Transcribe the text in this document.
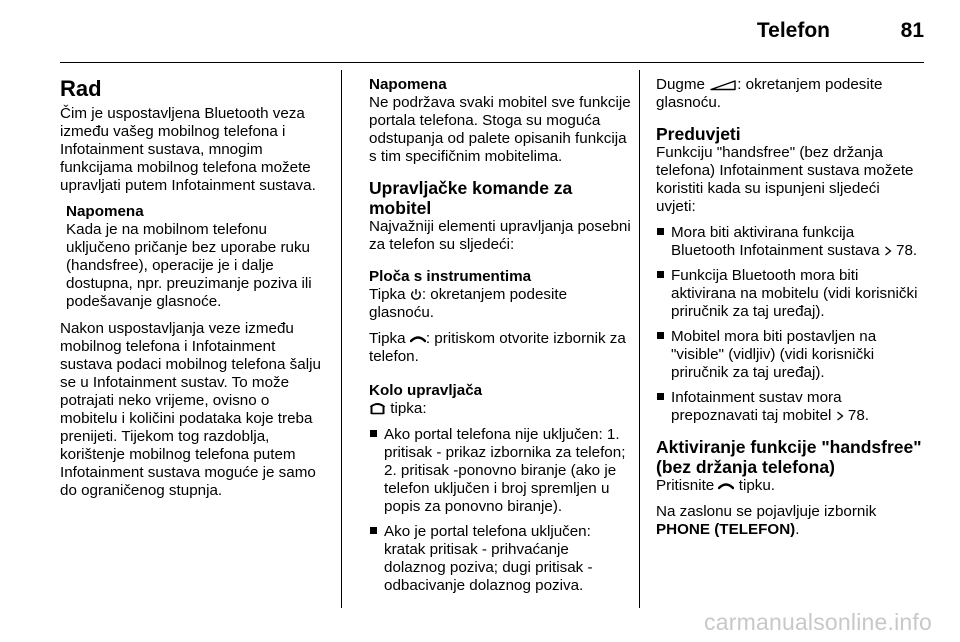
Telefon	81
Rad

Čim je uspostavljena Bluetooth veza između vašeg mobilnog telefona i Infotainment sustava, mnogim funkcijama mobilnog telefona možete upravljati putem Infotainment sustava.

Napomena
Kada je na mobilnom telefonu uključeno pričanje bez uporabe ruku (handsfree), operacije je i dalje dostupna, npr. preuzimanje poziva ili podešavanje glasnoće.

Nakon uspostavljanja veze između mobilnog telefona i Infotainment sustava podaci mobilnog telefona šalju se u Infotainment sustav. To može potrajati neko vrijeme, ovisno o mobitelu i količini podataka koje treba prenijeti. Tijekom tog razdoblja, korištenje mobilnog telefona putem Infotainment sustava moguće je samo do ograničenog stupnja.

Napomena
Ne podržava svaki mobitel sve funkcije portala telefona. Stoga su moguća odstupanja od palete opisanih funkcija s tim specifičnim mobitelima.
Upravljačke komande za mobitel

Najvažniji elementi upravljanja posebni za telefon su sljedeći:

Ploča s instrumentima

Tipka : okretanjem podesite glasnoću.

Tipka : pritiskom otvorite izbornik za telefon.

Kolo upravljača

tipka:

Ako portal telefona nije uključen: 1. pritisak - prikaz izbornika za telefon; 2. pritisak -ponovno biranje (ako je telefon uključen i broj spremljen u popis za ponovno biranje).
Ako je portal telefona uključen: kratak pritisak - prihvaćanje dolaznog poziva; dugi pritisak - odbacivanje dolaznog poziva.

Dugme : okretanjem podesite glasnoću.

Preduvjeti

Funkciju "handsfree" (bez držanja telefona) Infotainment sustava možete koristiti kada su ispunjeni sljedeći uvjeti:

Mora biti aktivirana funkcija Bluetooth Infotainment sustava 78.
Funkcija Bluetooth mora biti aktivirana na mobitelu (vidi korisnički priručnik za taj uređaj).
Mobitel mora biti postavljen na "visible" (vidljiv) (vidi korisnički priručnik za taj uređaj).
Infotainment sustav mora prepoznavati taj mobitel 78.
Aktiviranje funkcije "handsfree" (bez držanja telefona)

Pritisnite tipku.

Na zaslonu se pojavljuje izbornik PHONE (TELEFON).

carmanualsonline.info
